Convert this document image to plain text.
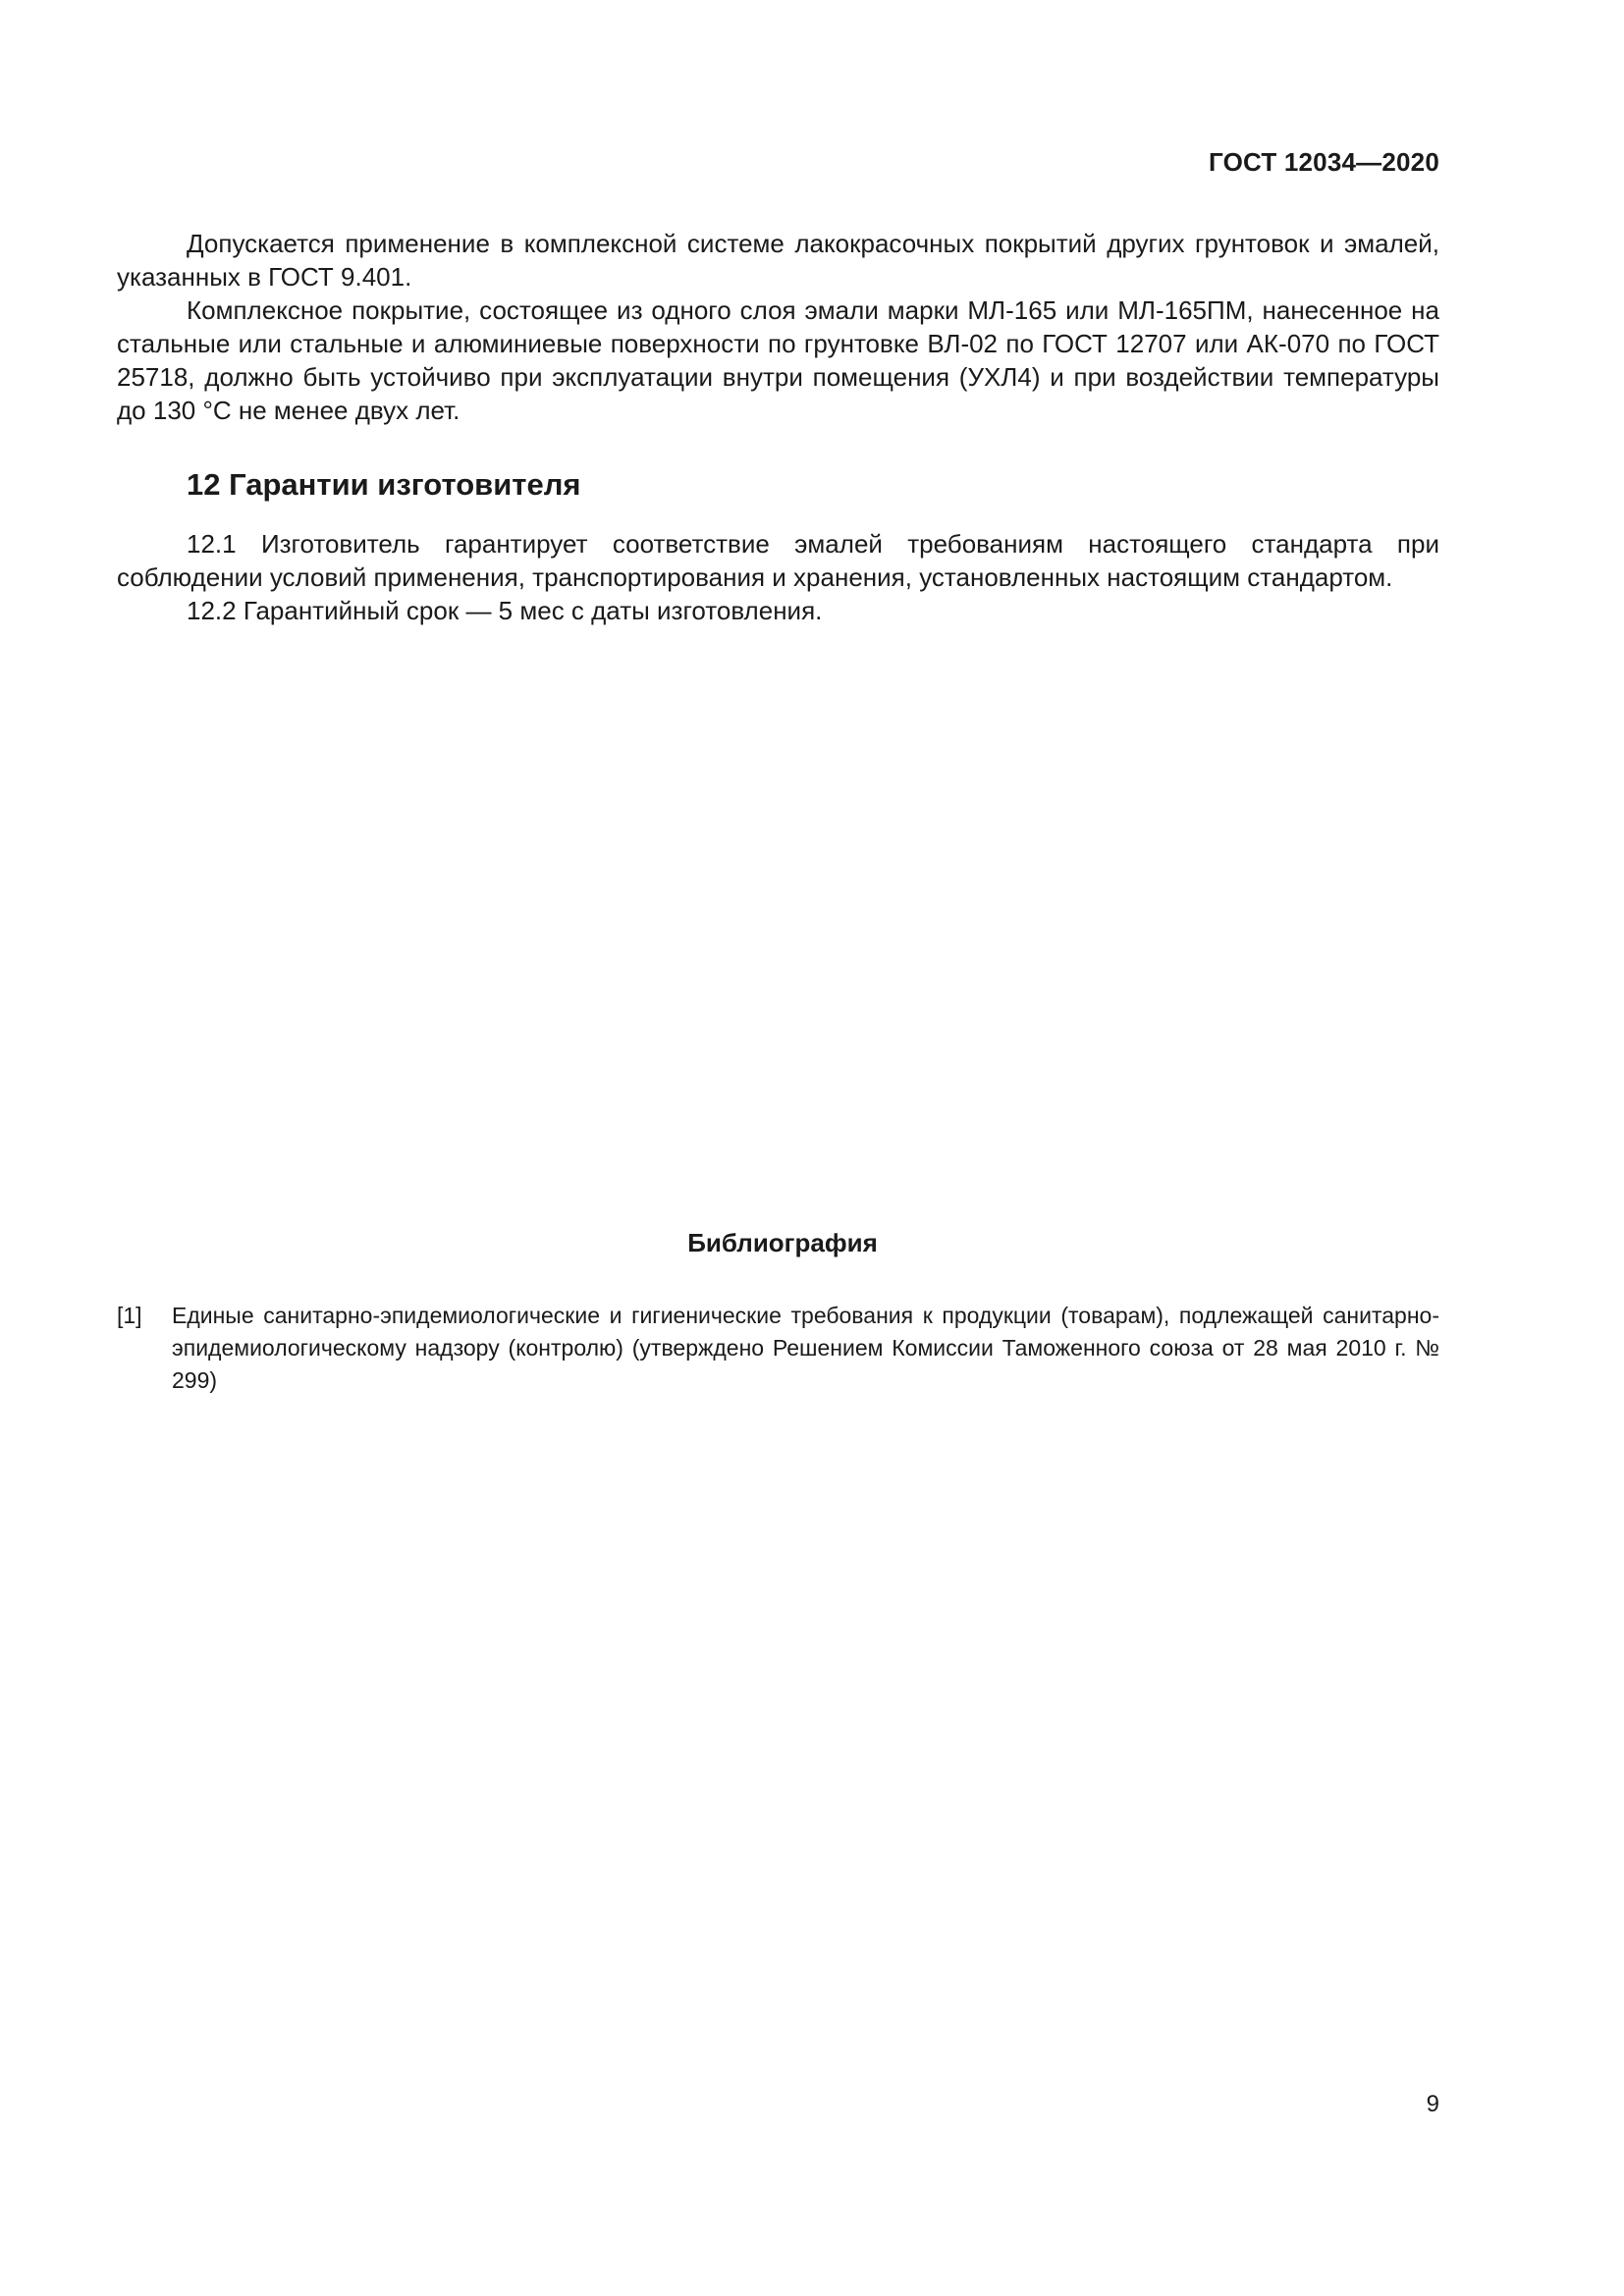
ГОСТ 12034—2020

Допускается применение в комплексной системе лакокрасочных покрытий других грунтовок и эмалей, указанных в ГОСТ 9.401.

Комплексное покрытие, состоящее из одного слоя эмали марки МЛ-165 или МЛ-165ПМ, нанесенное на стальные или стальные и алюминиевые поверхности по грунтовке ВЛ-02 по ГОСТ 12707 или АК-070 по ГОСТ 25718, должно быть устойчиво при эксплуатации внутри помещения (УХЛ4) и при воздействии температуры до 130 °С не менее двух лет.

12 Гарантии изготовителя

12.1 Изготовитель гарантирует соответствие эмалей требованиям настоящего стандарта при соблюдении условий применения, транспортирования и хранения, установленных настоящим стандартом.

12.2 Гарантийный срок — 5 мес с даты изготовления.

Библиография
[1] Единые санитарно-эпидемиологические и гигиенические требования к продукции (товарам), подлежащей санитарно-эпидемиологическому надзору (контролю) (утверждено Решением Комиссии Таможенного союза от 28 мая 2010 г. № 299)
9
